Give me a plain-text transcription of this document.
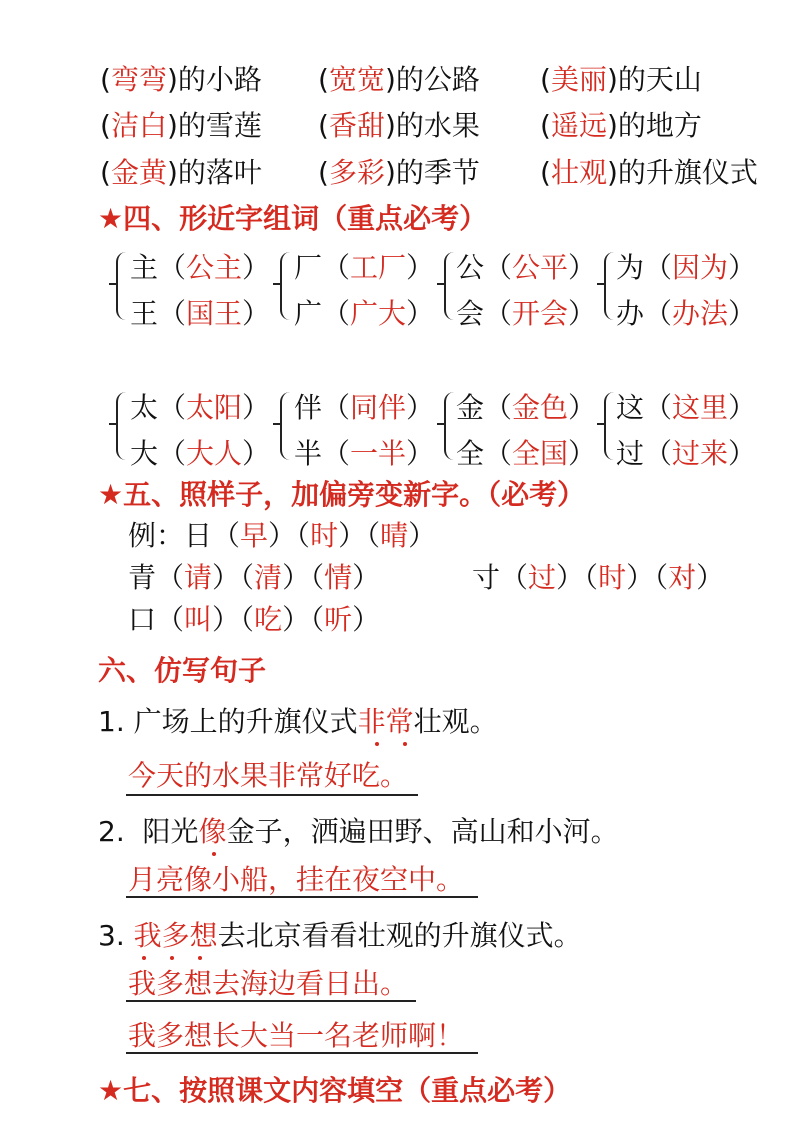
(弯弯)的小路 (宽宽)的公路 (美丽)的天山
(洁白)的雪莲 (香甜)的水果 (遥远)的地方
(金黄)的落叶 (多彩)的季节 (壮观)的升旗仪式
★四、形近字组词（重点必考）
主（公主）
王（国王）
厂（工厂）
广（广大）
公（公平）
会（开会）
为（因为）
办（办法）
太（太阳）
大（大人）
伴（同伴）
半（一半）
金（金色）
全（全国）
这（这里）
过（过来）
★五、照样子，加偏旁变新字。（必考）
例：日（早）（时）（晴）
青（请）（清）（情）	寸（过）（时）（对）
口（叫）（吃）（听）
六、仿写句子
1. 广场上的升旗仪式非常壮观。
今天的水果非常好吃。
2. 阳光像金子，洒遍田野、高山和小河。
月亮像小船，挂在夜空中。
3. 我多想去北京看看壮观的升旗仪式。
我多想去海边看日出。
我多想长大当一名老师啊！
★七、按照课文内容填空（重点必考）
